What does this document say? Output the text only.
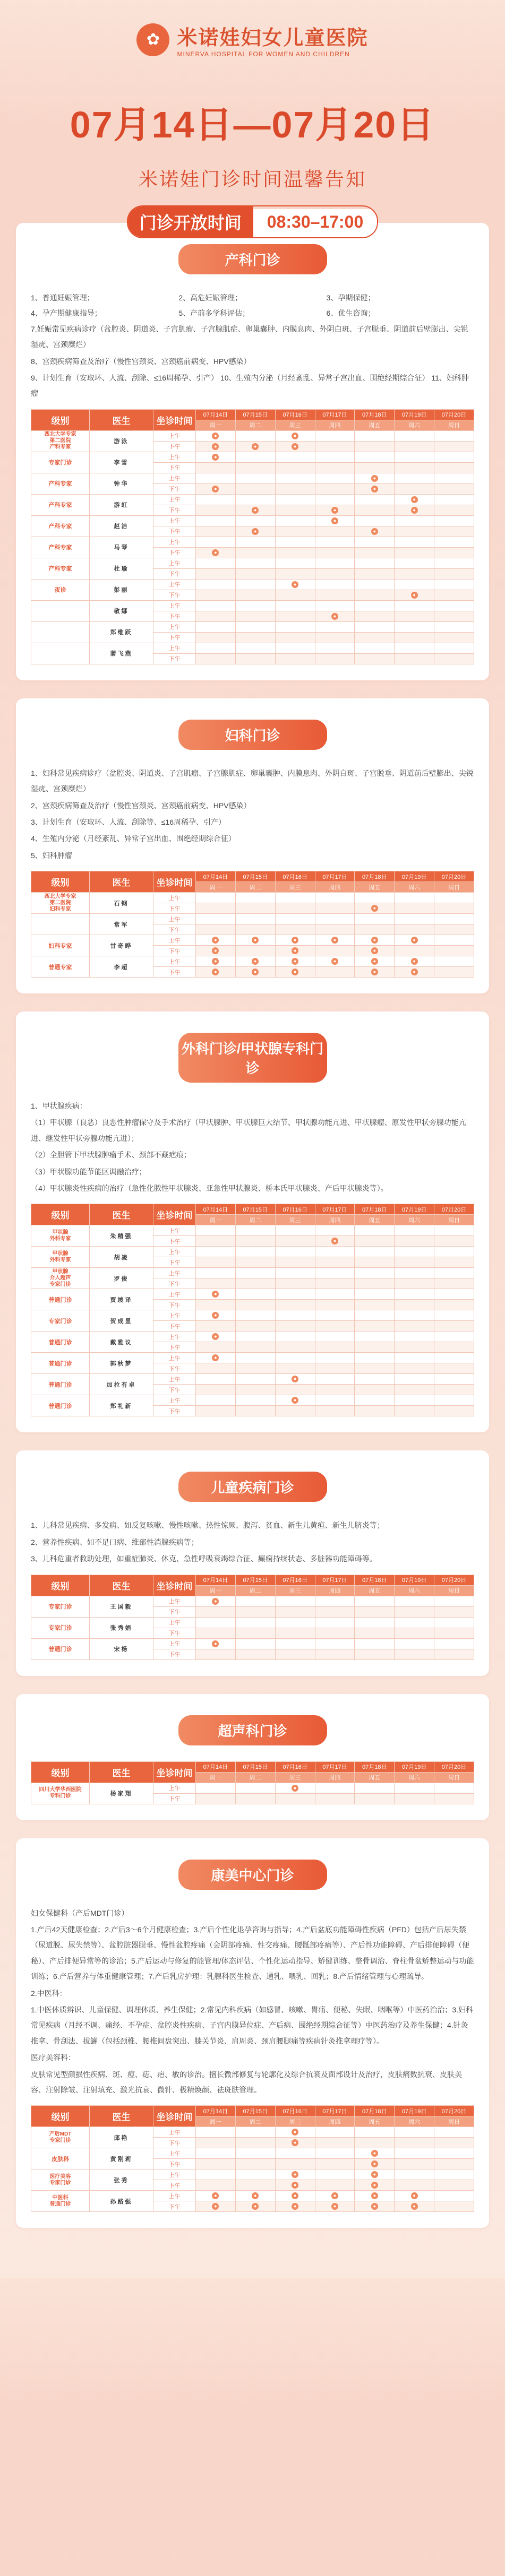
✿ 米诺娃妇女儿童医院
MINERVA HOSPITAL FOR WOMEN AND CHILDREN
07月14日—07月20日
米诺娃门诊时间温馨告知
门诊开放时间	08:30–17:00
产科门诊
1、普通妊娠管理；	2、高危妊娠管理；	3、孕期保健；
4、孕产期健康指导；	5、产前多学科评估；	6、优生咨询；

7.妊娠常见疾病诊疗（盆腔炎、阴道炎、子宫肌瘤、子宫腺肌症、卵巢囊肿、内膜息肉、外阴白斑、子宫脱垂、阴道前后壁膨出、尖锐湿疣、宫颈糜烂）

8、宫颈疾病筛查及治疗（慢性宫颈炎、宫颈癌前病变、HPV感染）

9、计划生育（安取环、人流、刮除、≤16周稀孕、引产） 10、生殖内分泌（月经紊乱、异常子宫出血、围绝经期综合征） 11、妇科肿瘤

级别	医生	坐诊时间	07月14日	07月15日	07月16日	07月17日	07月18日	07月19日	07月20日
			周一	周二	周三	周四	周五	周六	周日
西北大学专家
第二医院
产科专家	游泳	上午	●		●				
		下午	●	●	●				
专家门诊	李雪	上午	●						
		下午							
产科专家	钟华	上午					●		
		下午	●				●		
产科专家	游虹	上午						●	
		下午		●		●		●	
产科专家	赵洁	上午				●			
		下午		●			●		
产科专家	马琴	上午							
		下午	●						
产科专家	杜瑜	上午							
		下午							
夜诊	彭丽	上午			●				
		下午						●	
	敬娜	上午							
		下午				●			
	郑维跃	上午							
		下午							
	蒲飞燕	上午							
		下午							
妇科门诊

1、妇科常见疾病诊疗（盆腔炎、阴道炎、子宫肌瘤、子宫腺肌症、卵巢囊肿、内膜息肉、外阴白斑、子宫脱垂、阴道前后壁膨出、尖锐湿疣、宫颈糜烂）

2、宫颈疾病筛查及治疗（慢性宫颈炎、宫颈癌前病变、HPV感染）

3、计划生育（安取环、人流、刮除等、≤16周稀孕、引产）

4、生殖内分泌（月经紊乱、异常子宫出血、围绝经期综合征）

5、妇科肿瘤

级别	医生	坐诊时间	07月14日	07月15日	07月16日	07月17日	07月18日	07月19日	07月20日
			周一	周二	周三	周四	周五	周六	周日
西北大学专家
第二医院
妇科专家	石钢	上午							
		下午					●		
	常军	上午							
		下午							
妇科专家	甘奇晔	上午	●	●	●	●	●	●	
		下午	●		●		●		
普通专家	李超	上午	●	●	●	●	●	●	
		下午	●	●	●		●	●	
外科门诊/甲状腺专科门诊

1、甲状腺疾病：

（1）甲状腺（良恶）良恶性肿瘤保守及手术治疗（甲状腺肿、甲状腺巨大结节、甲状腺功能亢进、甲状腺瘤、原发性甲状旁腺功能亢进、继发性甲状旁腺功能亢进）；

（2）全胆管下甲状腺肿瘤手术、颈部不藏疤痕；

（3）甲状腺功能节能区调融治疗；

（4）甲状腺炎性疾病的治疗（急性化脓性甲状腺炎、亚急性甲状腺炎、桥本氏甲状腺炎、产后甲状腺炎等）。

级别	医生	坐诊时间	07月14日	07月15日	07月16日	07月17日	07月18日	07月19日	07月20日
			周一	周二	周三	周四	周五	周六	周日
甲状腺
外科专家	朱精强	上午							
		下午				●			
甲状腺
外科专家	胡凌	上午							
		下午							
甲状腺
介入超声
专家门诊	罗俊	上午							
		下午							
普通门诊	贾竣译	上午	●						
		下午							
专家门诊	贺成显	上午	●						
		下午							
普通门诊	戴雅议	上午	●						
		下午							
普通门诊	郭秋梦	上午	●						
		下午							
普通门诊	加拉有卓	上午			●				
		下午							
普通门诊	郑礼新	上午			●				
		下午							
儿童疾病门诊

1、儿科常见疾病、多发病、如反复咳嗽、慢性咳嗽、热性惊厥、腹泻、贫血、新生儿黄疸、新生儿脐炎等；

2、营养性疾病、如不足口病、维部性消腺疾病等；

3、儿科危重者救助处理，如重症肺炎、休克、急性呼吸衰竭综合征、癫痫持续状态、多脏器功能障碍等。

级别	医生	坐诊时间	07月14日	07月15日	07月16日	07月17日	07月18日	07月19日	07月20日
			周一	周二	周三	周四	周五	周六	周日
专家门诊	王国毅	上午	●						
		下午							
专家门诊	张秀娟	上午							
		下午							
普通门诊	宋杨	上午	●						
		下午							
超声科门诊
级别	医生	坐诊时间	07月14日	07月15日	07月16日	07月17日	07月18日	07月19日	07月20日
			周一	周二	周三	周四	周五	周六	周日
四川大学华西医院
专科门诊	杨家翔	上午			●				
		下午							
康美中心门诊

妇女保健科（产后MDT门诊）

1.产后42天健康检查；2.产后3～6个月健康检查；3.产后个性化退孕咨询与指导；4.产后盆底功能障碍性疾病（PFD）包括产后尿失禁（尿道脱、尿失禁等）、盆腔脏器脱垂、慢性盆腔疼痛（会阴部疼痛、性交疼痛、腰骶部疼痛等）、产后性功能障碍、产后排便障碍（便秘）、产后排便异常等的诊治；5.产后运动与修复的能管理/体态评估、个性化运动指导、矫健训练、整骨调治、脊柱骨盆矫整运动与功能训练；6.产后营养与体重健康管理；7.产后乳房护理：乳腺科医生检查、通乳、喂乳、回乳；8.产后情绪管理与心理疏导。

2.中医科：

1.中医体质辨识、儿童保健、调理体质、养生保健；2.常见内科疾病（如感冒、咳嗽、胃痛、便秘、失眠、咽喉等）中医药治治；3.妇科常见疾病（月经不调、痛经、不孕症、盆腔炎性疾病、子宫内膜异位症、产后病、围绝经期综合征等）中医药治疗及养生保健；4.针灸推拿、骨刮法、拔罐（包括颈椎、腰椎间盘突出、膝关节炎、肩周炎、颈肩腰腿痛等疾病针灸推拿理疗等）。

医疗美容科：

皮肤常见型颜损性疾病、斑、痘、痣、疤、敏的诊治。擅长微部修复与轮廓化及综合抗衰及面部设计及治疗，皮肤痛数抗衰、皮肤美容、注射除皱、注射填充、激光抗衰、微针、极精焕颜、祛斑肤管理。

级别	医生	坐诊时间	07月14日	07月15日	07月16日	07月17日	07月18日	07月19日	07月20日
			周一	周二	周三	周四	周五	周六	周日
产后MDT
专家门诊	邱艳	上午			●				
		下午			●				
皮肤科	黄刚莉	上午					●		
		下午					●		
医疗美容
专家门诊	张秀	上午			●		●		
		下午			●		●		
中医科
普通门诊	孙路强	上午	●	●	●	●	●	●	
		下午	●	●	●	●	●	●	
